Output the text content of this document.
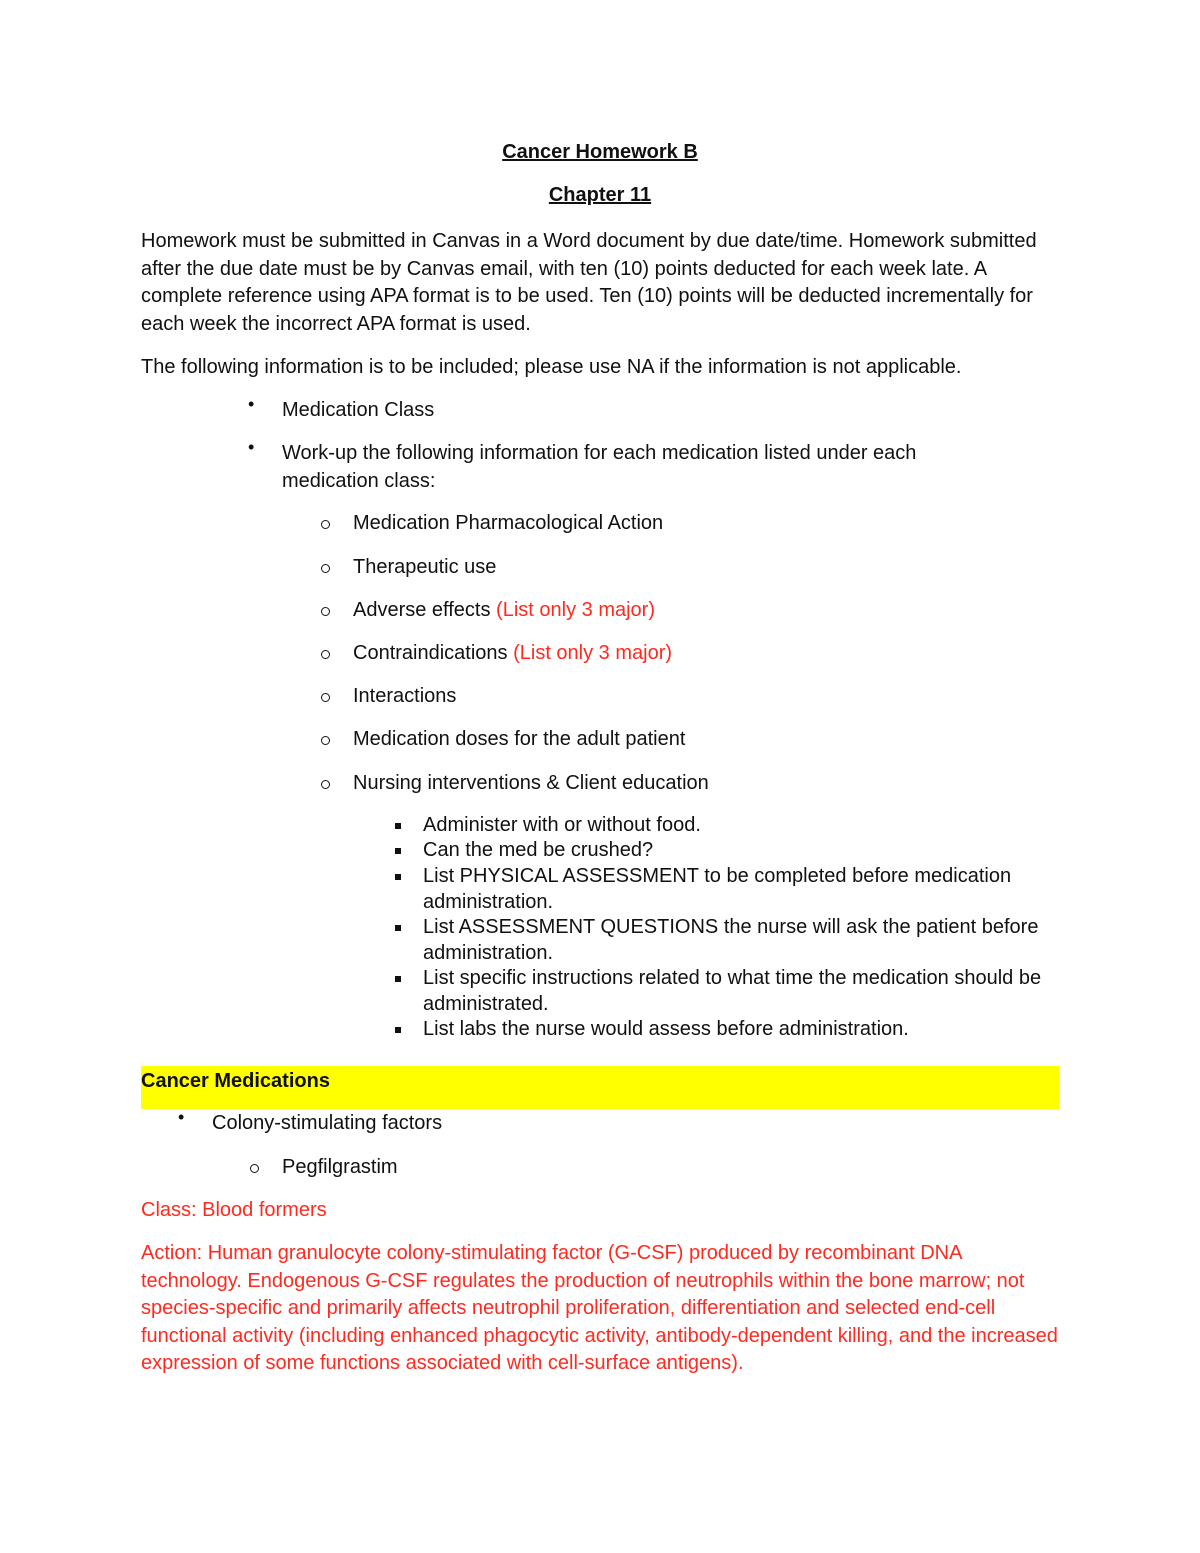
Cancer Homework B
Chapter 11
Homework must be submitted in Canvas in a Word document by due date/time. Homework submitted after the due date must be by Canvas email, with ten (10) points deducted for each week late. A complete reference using APA format is to be used. Ten (10) points will be deducted incrementally for each week the incorrect APA format is used.
The following information is to be included; please use NA if the information is not applicable.
• Medication Class
• Work-up the following information for each medication listed under each medication class:
Medication Pharmacological Action
Therapeutic use
Adverse effects (List only 3 major)
Contraindications (List only 3 major)
Interactions
Medication doses for the adult patient
Nursing interventions & Client education
Administer with or without food.
Can the med be crushed?
List PHYSICAL ASSESSMENT to be completed before medication administration.
List ASSESSMENT QUESTIONS the nurse will ask the patient before administration.
List specific instructions related to what time the medication should be administrated.
List labs the nurse would assess before administration.
Cancer Medications
• Colony-stimulating factors
Pegfilgrastim
Class: Blood formers
Action: Human granulocyte colony-stimulating factor (G-CSF) produced by recombinant DNA technology. Endogenous G-CSF regulates the production of neutrophils within the bone marrow; not species-specific and primarily affects neutrophil proliferation, differentiation and selected end-cell functional activity (including enhanced phagocytic activity, antibody-dependent killing, and the increased expression of some functions associated with cell-surface antigens).
